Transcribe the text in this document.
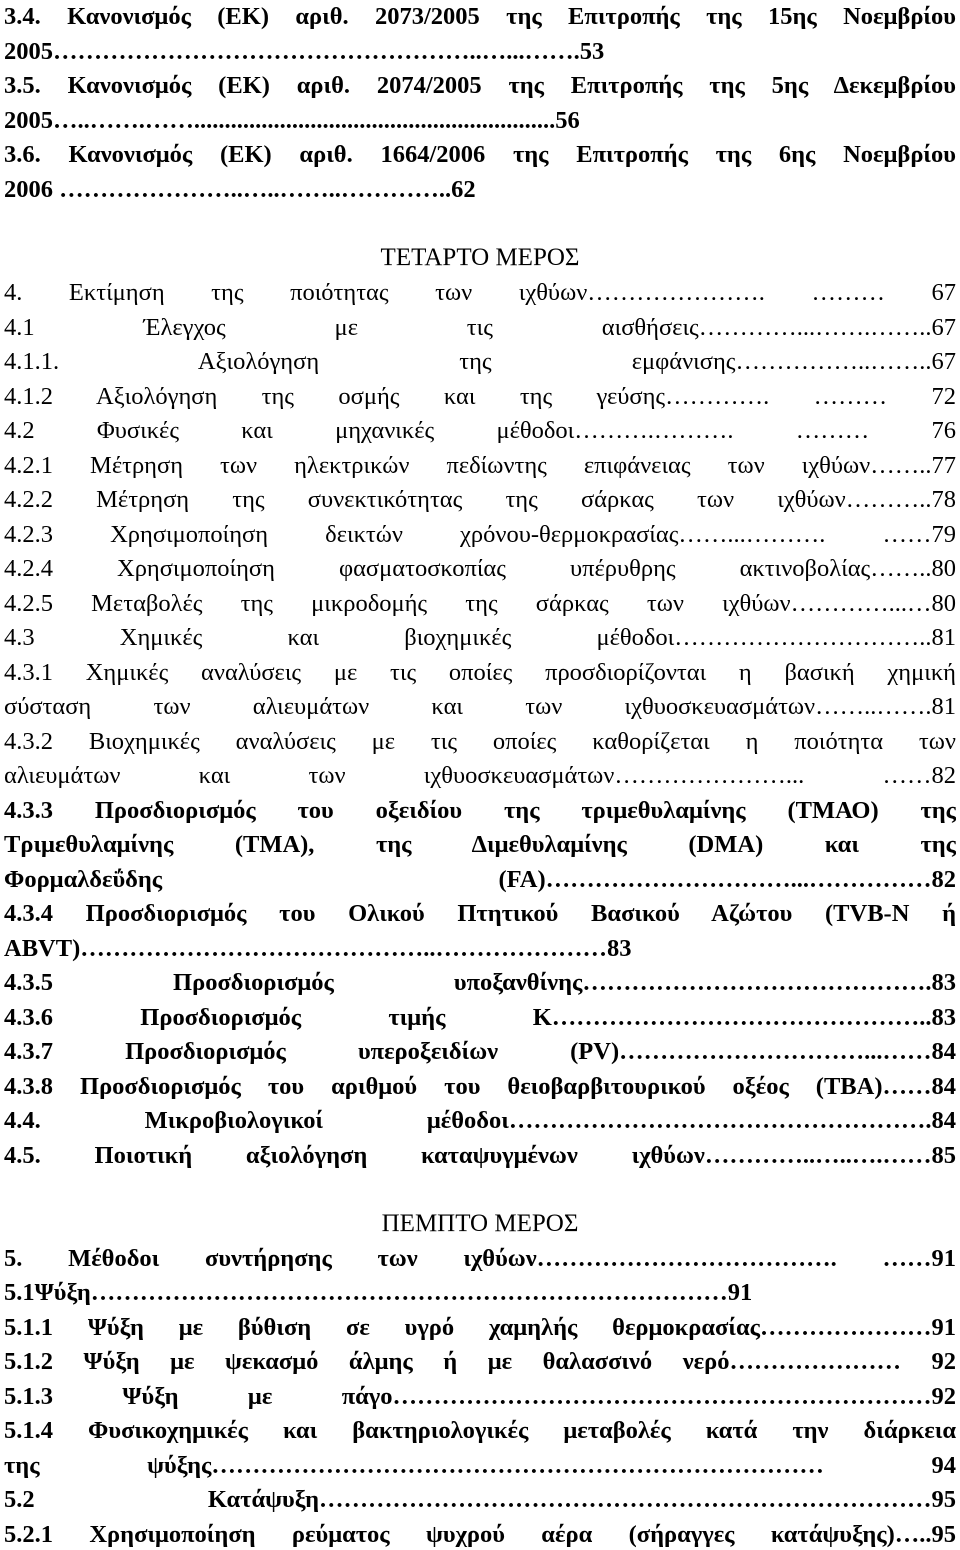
3.4. Κανονισμός (ΕΚ) αριθ. 2073/2005 της Επιτροπής της 15ης Νοεμβρίου
2005……………………………………………..…...…….53
3.5. Κανονισμός (ΕΚ) αριθ. 2074/2005 της Επιτροπής της 5ης Δεκεμβρίου
2005…..…….……...........................................................56
3.6. Κανονισμός (ΕΚ) αριθ. 1664/2006 της Επιτροπής της 6ης Νοεμβρίου
2006 …………………..…..……..…………..62
ΤΕΤΑΡΤΟ ΜΕΡΟΣ
4. Εκτίμηση της ποιότητας των ιχθύων…………………. ……… 67
4.1 Έλεγχος με τις αισθήσεις…………...…….……..67
4.1.1. Αξιολόγηση της εμφάνισης……………..……..67
4.1.2 Αξιολόγηση της οσμής και της γεύσης…………. ……… 72
4.2 Φυσικές και μηχανικές μέθοδοι……….………. ……… 76
4.2.1 Μέτρηση των ηλεκτρικών πεδίωντης επιφάνειας των ιχθύων……..77
4.2.2 Μέτρηση της συνεκτικότητας της σάρκας των ιχθύων………..78
4.2.3 Χρησιμοποίηση δεικτών χρόνου-θερμοκρασίας……...………. ……79
4.2.4 Χρησιμοποίηση φασματοσκοπίας υπέρυθρης ακτινοβολίας……..80
4.2.5 Μεταβολές της μικροδομής της σάρκας των ιχθύων…………...…80
4.3 Χημικές και βιοχημικές μέθοδοι…………………………..81
4.3.1 Χημικές αναλύσεις με τις οποίες προσδιορίζονται η βασική χημική
σύσταση των αλιευμάτων και των ιχθυοσκευασμάτων……..…….81
4.3.2 Βιοχημικές αναλύσεις με τις οποίες καθορίζεται η ποιότητα των
αλιευμάτων και των ιχθυοσκευασμάτων…………………... ……82
4.3.3 Προσδιορισμός του οξειδίου της τριμεθυλαμίνης (ΤΜΑΟ) της
Τριμεθυλαμίνης (ΤΜΑ), της Διμεθυλαμίνης (DMA) και της
Φορμαλδεΰδης (FA)…………………………...……………82
4.3.4 Προσδιορισμός του Ολικού Πτητικού Βασικού Αζώτου (TVB-N ή
ABVT)……………………………………..…………………83
4.3.5 Προσδιορισμός υποξανθίνης…………………………………….83
4.3.6 Προσδιορισμός τιμής Κ………………………………………..83
4.3.7 Προσδιορισμός υπεροξειδίων (PV)…………………………...……84
4.3.8 Προσδιορισμός του αριθμού του θειοβαρβιτουρικού οξέος (ΤΒΑ)……84
4.4. Μικροβιολογικοί μέθοδοι…………………………………………….84
4.5. Ποιοτική αξιολόγηση καταψυγμένων ιχθύων…………..…..….……85
ΠΕΜΠΤΟ ΜΕΡΟΣ
5. Μέθοδοι συντήρησης των ιχθύων………………………………. ……91
5.1Ψύξη……………………………………………………………………91
5.1.1 Ψύξη με βύθιση σε υγρό χαμηλής θερμοκρασίας…………………91
5.1.2 Ψύξη με ψεκασμό άλμης ή με θαλασσινό νερό………………… 92
5.1.3 Ψύξη με πάγο…………………………………………………………92
5.1.4 Φυσικοχημικές και βακτηριολογικές μεταβολές κατά την διάρκεια
της ψύξης………………………………………………………………… 94
5.2 Κατάψυξη…………………………………………………………………95
5.2.1 Χρησιμοποίηση ρεύματος ψυχρού αέρα (σήραγγες κατάψυξης)…..95
